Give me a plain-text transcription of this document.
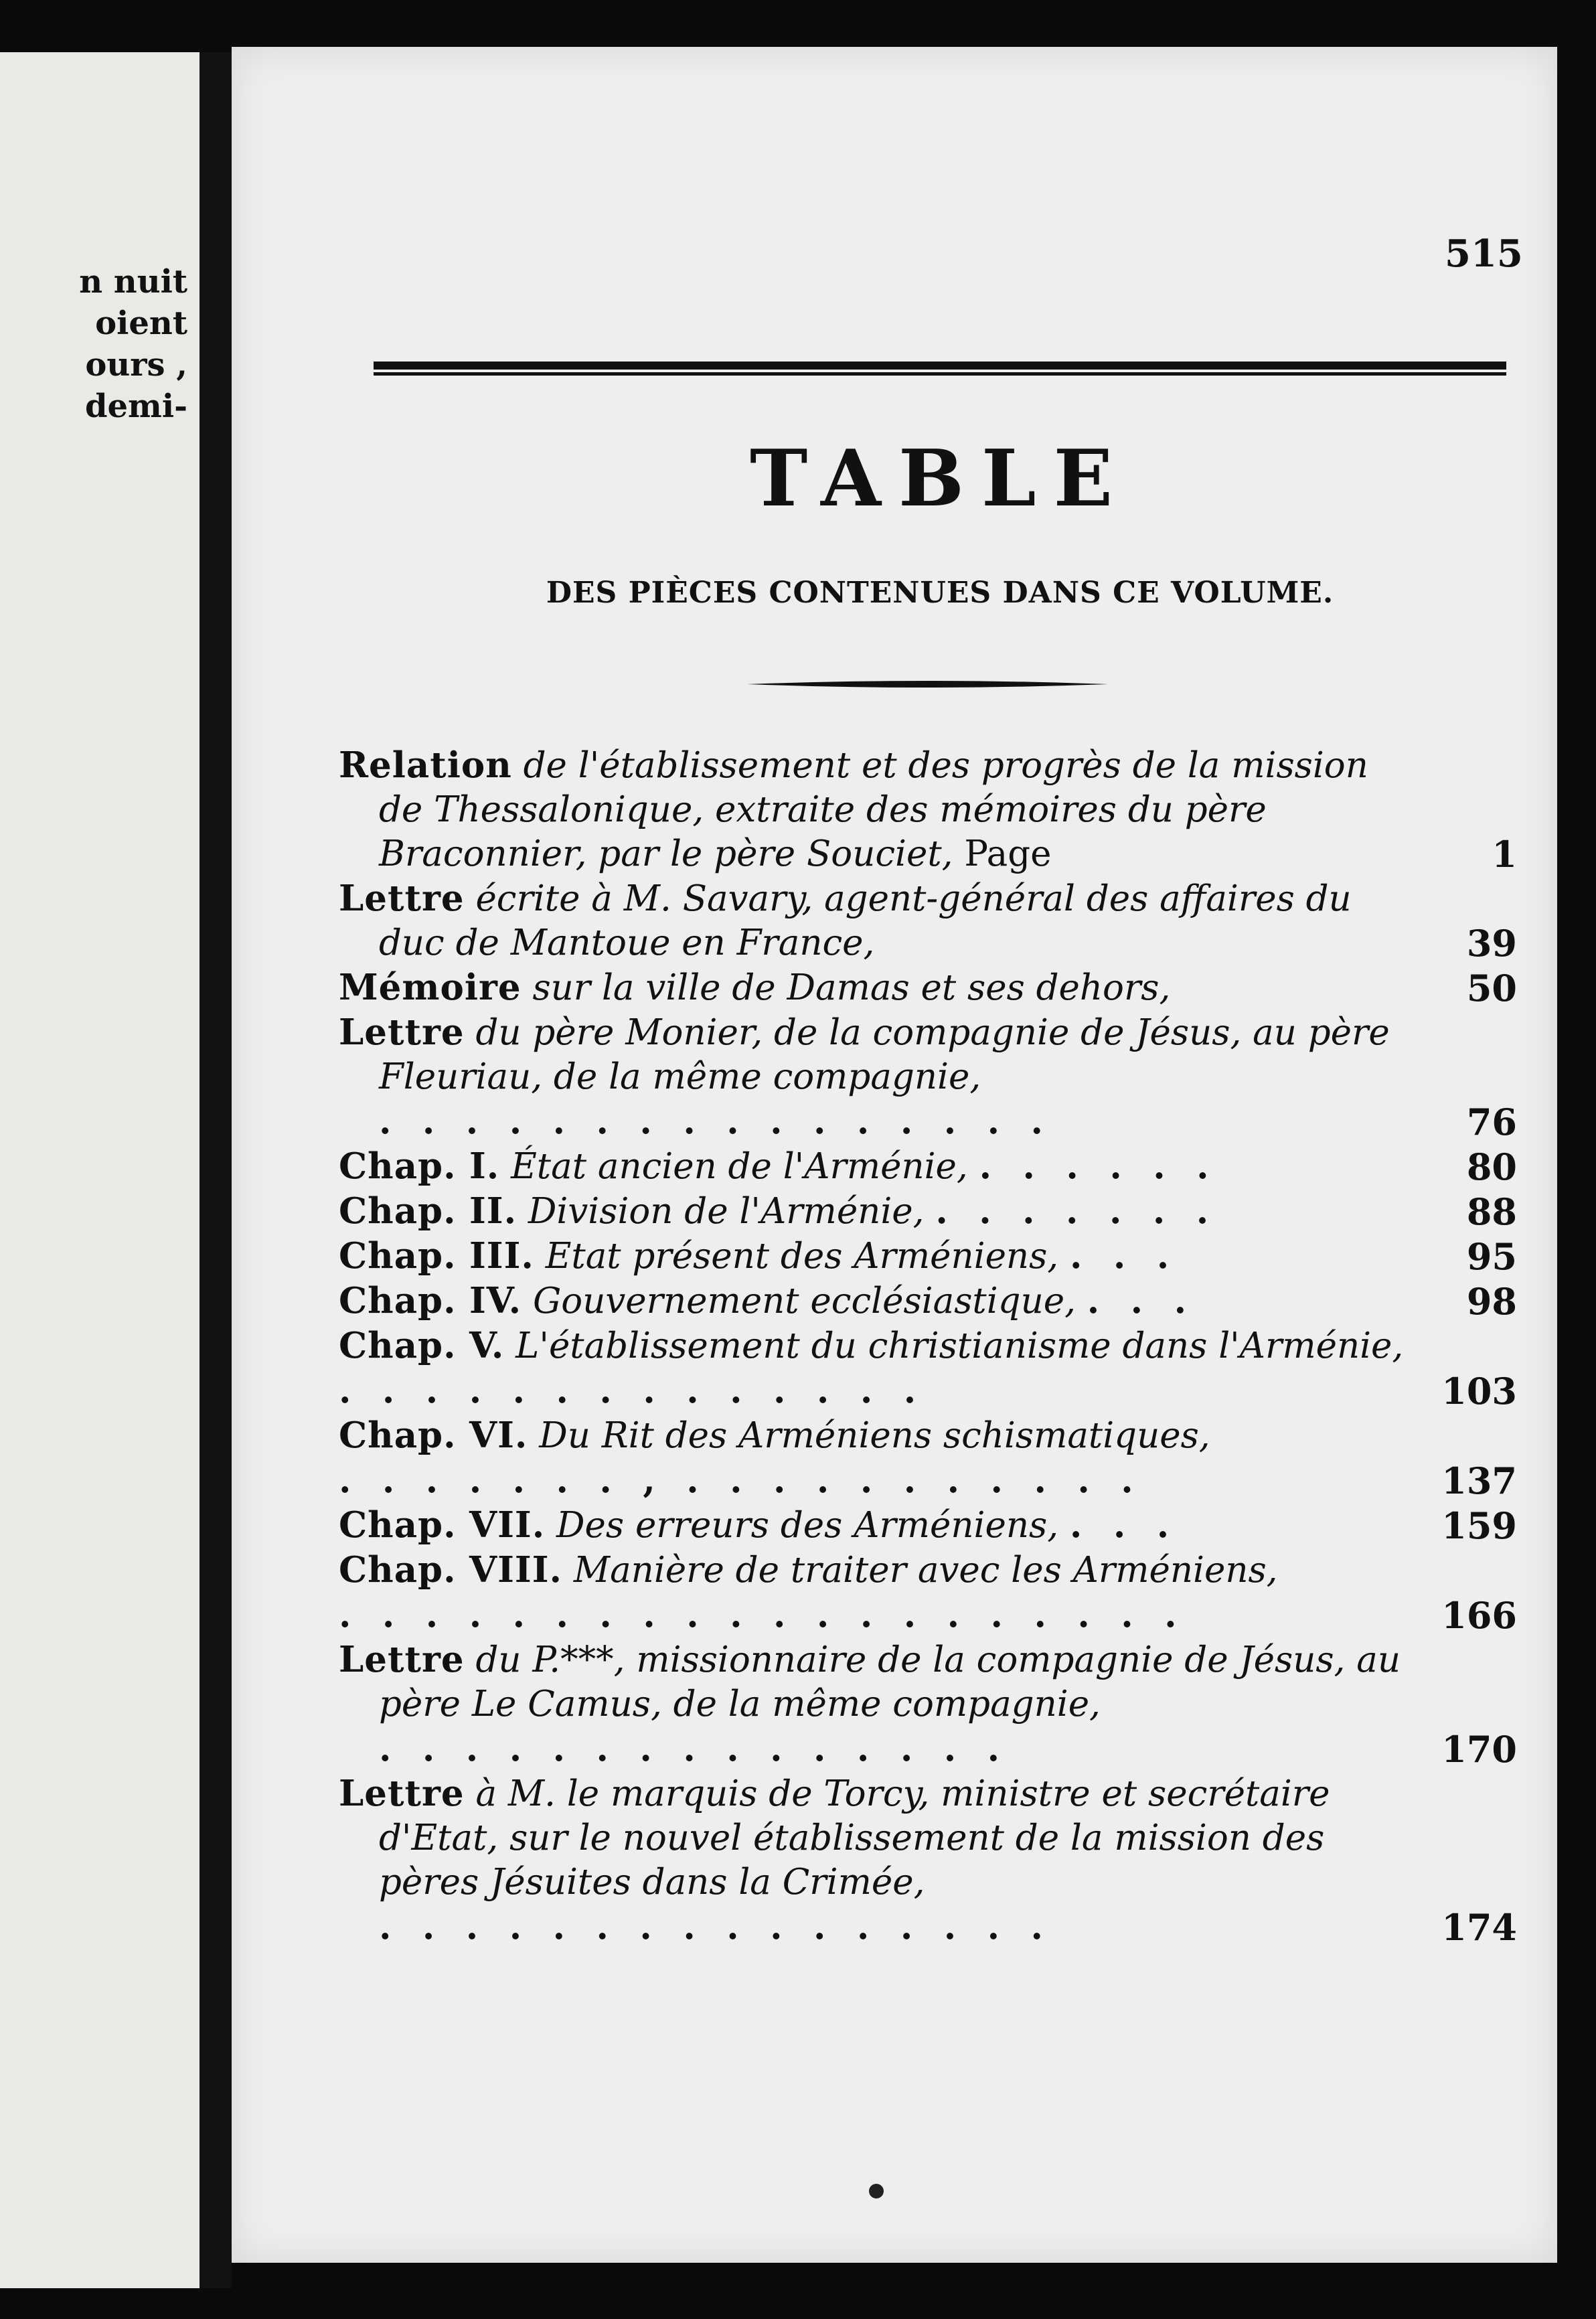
n nuit
oient
ours ,
demi-
515
TABLE
DES PIÈCES CONTENUES DANS CE VOLUME.
Relation de l'établissement et des progrès de la mission de Thessalonique, extraite des mémoires du père Braconnier, par le père Souciet, Page	1
Lettre écrite à M. Savary, agent-général des affaires du duc de Mantoue en France,	39
Mémoire sur la ville de Damas et ses dehors,	50
Lettre du père Monier, de la compagnie de Jésus, au père Fleuriau, de la même compagnie, . . . . . . . . . . . . . . . .	76
Chap. I. État ancien de l'Arménie, . . . . . .	80
Chap. II. Division de l'Arménie, . . . . . . .	88
Chap. III. Etat présent des Arméniens, . . .	95
Chap. IV. Gouvernement ecclésiastique, . . .	98
Chap. V. L'établissement du christianisme dans l'Arménie, . . . . . . . . . . . . . .	103
Chap. VI. Du Rit des Arméniens schismatiques, . . . . . . . , . . . . . . . . . . .	137
Chap. VII. Des erreurs des Arméniens, . . .	159
Chap. VIII. Manière de traiter avec les Arméniens, . . . . . . . . . . . . . . . . . . . .	166
Lettre du P.***, missionnaire de la compagnie de Jésus, au père Le Camus, de la même compagnie, . . . . . . . . . . . . . . .	170
Lettre à M. le marquis de Torcy, ministre et secrétaire d'Etat, sur le nouvel établissement de la mission des pères Jésuites dans la Crimée, . . . . . . . . . . . . . . . .	174
